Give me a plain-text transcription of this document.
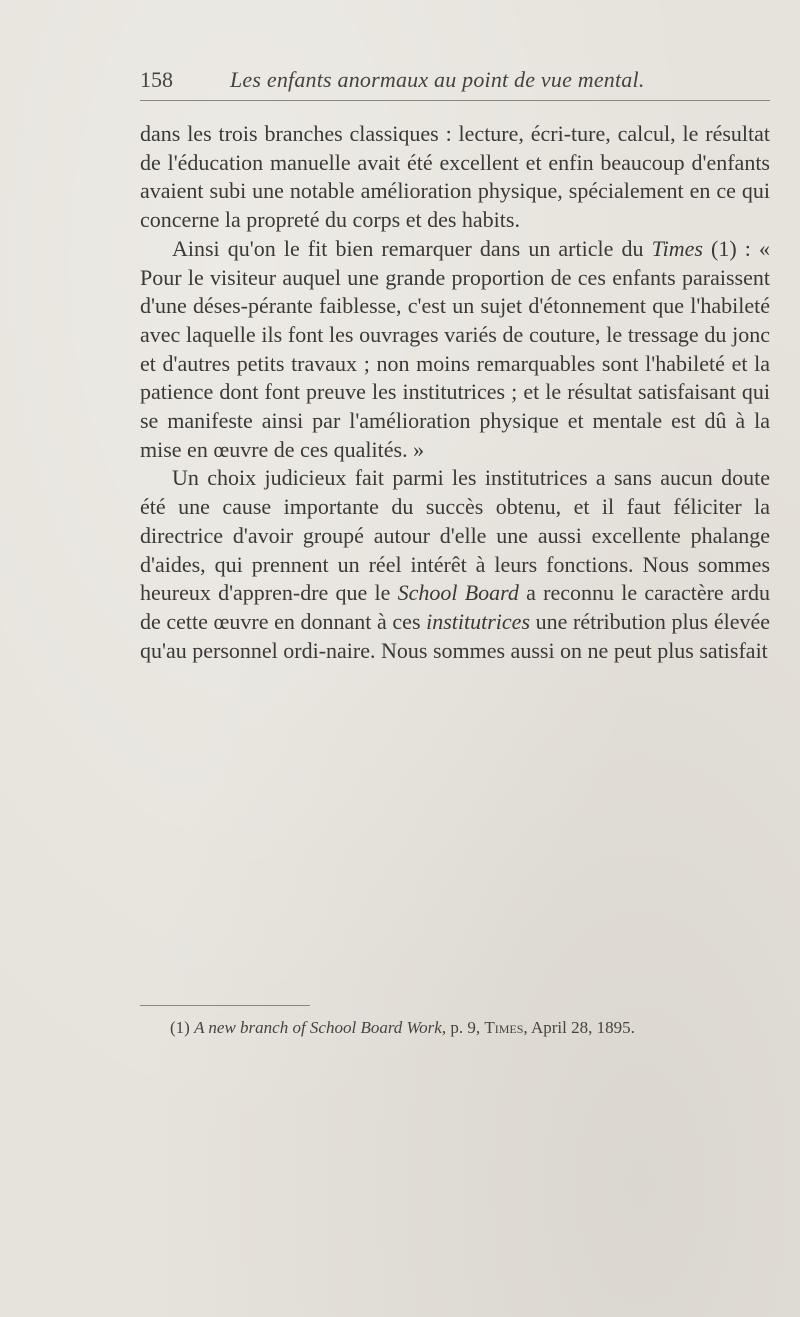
158	Les enfants anormaux au point de vue mental.

dans les trois branches classiques : lecture, écri-ture, calcul, le résultat de l'éducation manuelle avait été excellent et enfin beaucoup d'enfants avaient subi une notable amélioration physique, spécialement en ce qui concerne la propreté du corps et des habits.

Ainsi qu'on le fit bien remarquer dans un article du Times (1) : « Pour le visiteur auquel une grande proportion de ces enfants paraissent d'une déses-pérante faiblesse, c'est un sujet d'étonnement que l'habileté avec laquelle ils font les ouvrages variés de couture, le tressage du jonc et d'autres petits travaux ; non moins remarquables sont l'habileté et la patience dont font preuve les institutrices ; et le résultat satisfaisant qui se manifeste ainsi par l'amélioration physique et mentale est dû à la mise en œuvre de ces qualités. »

Un choix judicieux fait parmi les institutrices a sans aucun doute été une cause importante du succès obtenu, et il faut féliciter la directrice d'avoir groupé autour d'elle une aussi excellente phalange d'aides, qui prennent un réel intérêt à leurs fonctions. Nous sommes heureux d'appren-dre que le School Board a reconnu le caractère ardu de cette œuvre en donnant à ces institutrices une rétribution plus élevée qu'au personnel ordi-naire. Nous sommes aussi on ne peut plus satisfait

(1) A new branch of School Board Work, p. 9, Times, April 28, 1895.
